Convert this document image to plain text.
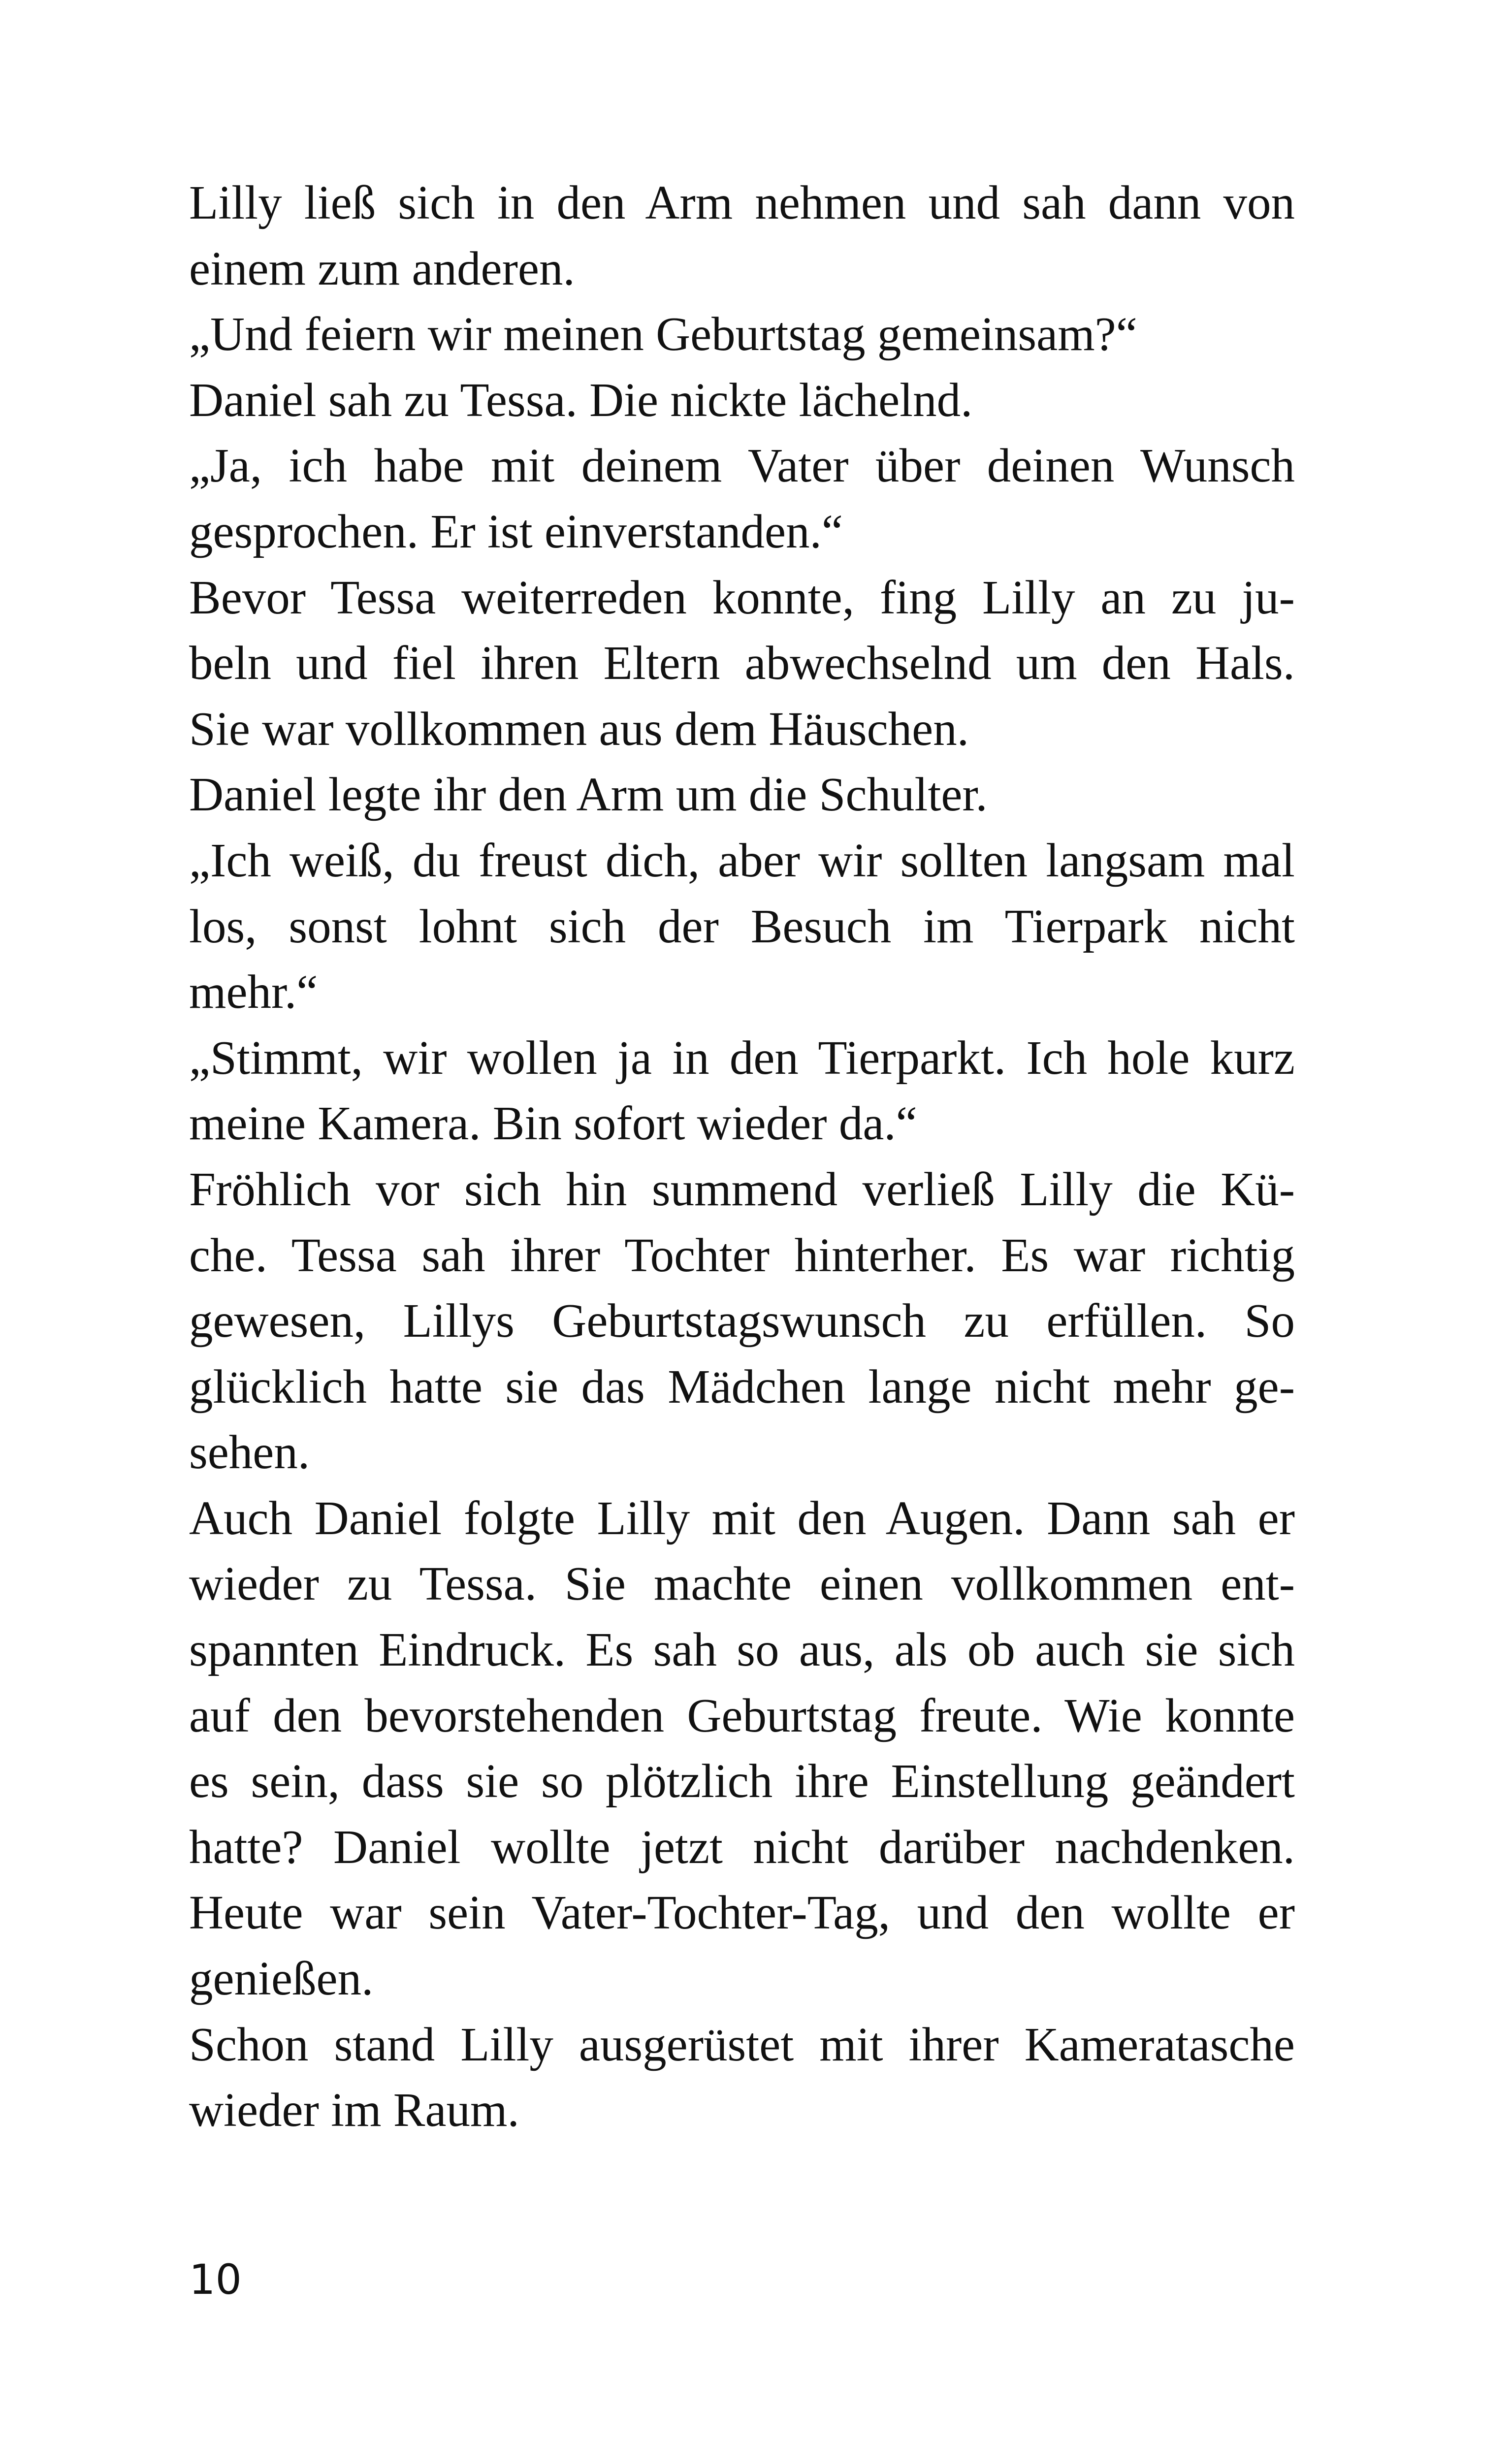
Lilly ließ sich in den Arm nehmen und sah dann von
einem zum anderen.
„Und feiern wir meinen Geburtstag gemeinsam?“
Daniel sah zu Tessa. Die nickte lächelnd.
„Ja, ich habe mit deinem Vater über deinen Wunsch
gesprochen. Er ist einverstanden.“
Bevor Tessa weiterreden konnte, fing Lilly an zu ju-
beln und fiel ihren Eltern abwechselnd um den Hals.
Sie war vollkommen aus dem Häuschen.
Daniel legte ihr den Arm um die Schulter.
„Ich weiß, du freust dich, aber wir sollten langsam mal
los, sonst lohnt sich der Besuch im Tierpark nicht
mehr.“
„Stimmt, wir wollen ja in den Tierparkt. Ich hole kurz
meine Kamera. Bin sofort wieder da.“
Fröhlich vor sich hin summend verließ Lilly die Kü-
che. Tessa sah ihrer Tochter hinterher. Es war richtig
gewesen, Lillys Geburtstagswunsch zu erfüllen. So
glücklich hatte sie das Mädchen lange nicht mehr ge-
sehen.
Auch Daniel folgte Lilly mit den Augen. Dann sah er
wieder zu Tessa. Sie machte einen vollkommen ent-
spannten Eindruck. Es sah so aus, als ob auch sie sich
auf den bevorstehenden Geburtstag freute. Wie konnte
es sein, dass sie so plötzlich ihre Einstellung geändert
hatte? Daniel wollte jetzt nicht darüber nachdenken.
Heute war sein Vater-Tochter-Tag, und den wollte er
genießen.
Schon stand Lilly ausgerüstet mit ihrer Kameratasche
wieder im Raum.
10
